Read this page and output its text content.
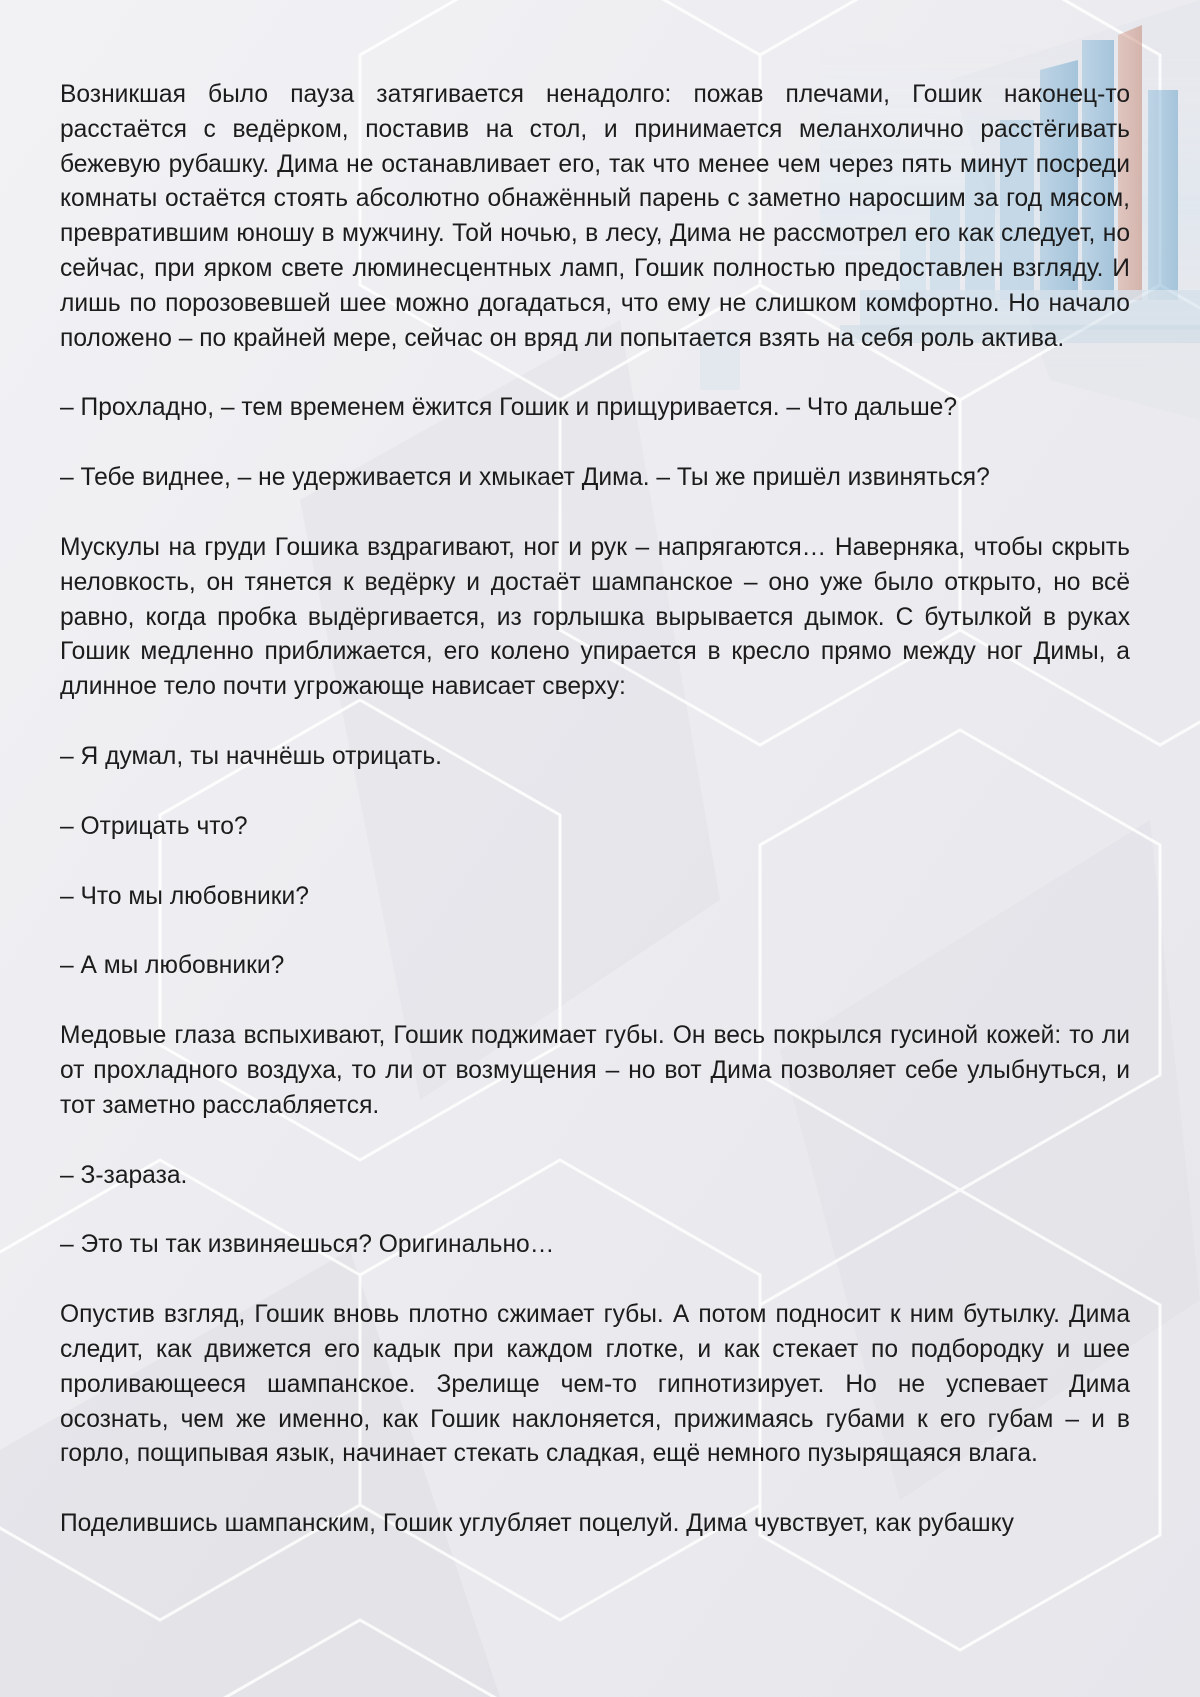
Возникшая было пауза затягивается ненадолго: пожав плечами, Гошик наконец-то расстаётся с ведёрком, поставив на стол, и принимается меланхолично расстёгивать бежевую рубашку. Дима не останавливает его, так что менее чем через пять минут посреди комнаты остаётся стоять абсолютно обнажённый парень с заметно наросшим за год мясом, превратившим юношу в мужчину. Той ночью, в лесу, Дима не рассмотрел его как следует, но сейчас, при ярком свете люминесцентных ламп, Гошик полностью предоставлен взгляду. И лишь по порозовевшей шее можно догадаться, что ему не слишком комфортно. Но начало положено – по крайней мере, сейчас он вряд ли попытается взять на себя роль актива.

– Прохладно, – тем временем ёжится Гошик и прищуривается. – Что дальше?

– Тебе виднее, – не удерживается и хмыкает Дима. – Ты же пришёл извиняться?

Мускулы на груди Гошика вздрагивают, ног и рук – напрягаются… Наверняка, чтобы скрыть неловкость, он тянется к ведёрку и достаёт шампанское – оно уже было открыто, но всё равно, когда пробка выдёргивается, из горлышка вырывается дымок. С бутылкой в руках Гошик медленно приближается, его колено упирается в кресло прямо между ног Димы, а длинное тело почти угрожающе нависает сверху:

– Я думал, ты начнёшь отрицать.

– Отрицать что?

– Что мы любовники?

– А мы любовники?

Медовые глаза вспыхивают, Гошик поджимает губы. Он весь покрылся гусиной кожей: то ли от прохладного воздуха, то ли от возмущения – но вот Дима позволяет себе улыбнуться, и тот заметно расслабляется.

– З-зараза.

– Это ты так извиняешься? Оригинально…

Опустив взгляд, Гошик вновь плотно сжимает губы. А потом подносит к ним бутылку. Дима следит, как движется его кадык при каждом глотке, и как стекает по подбородку и шее проливающееся шампанское. Зрелище чем-то гипнотизирует. Но не успевает Дима осознать, чем же именно, как Гошик наклоняется, прижимаясь губами к его губам – и в горло, пощипывая язык, начинает стекать сладкая, ещё немного пузырящаяся влага.

Поделившись шампанским, Гошик углубляет поцелуй. Дима чувствует, как рубашку
